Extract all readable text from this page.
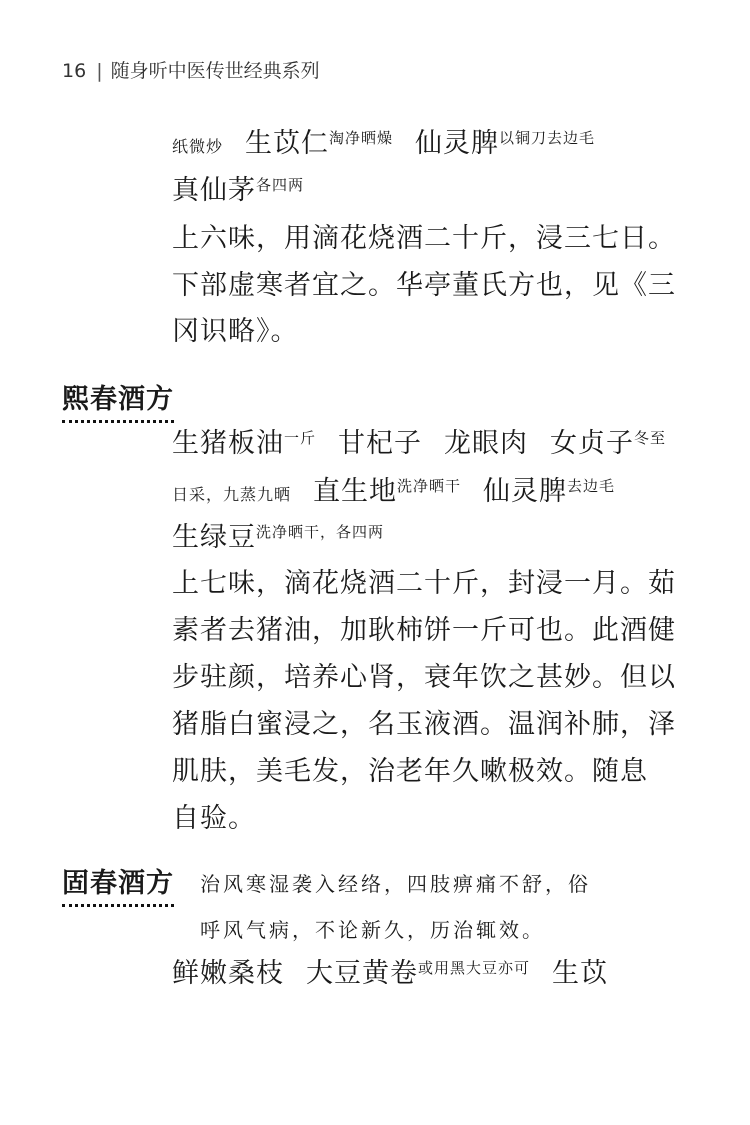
16 | 随身听中医传世经典系列
纸微炒 生苡仁$^{淘净晒燥}$ 仙灵脾$^{以铜刀去边毛}$
真仙茅$^{各四两}$
上六味，用滴花烧酒二十斤，浸三七日。
下部虚寒者宜之。华亭董氏方也，见《三
冈识略》。
熙春酒方
生猪板油$^{一斤}$ 甘杞子 龙眼肉 女贞子$^{冬至}$
日采，九蒸九晒 直生地$^{洗净晒干}$ 仙灵脾$^{去边毛}$
生绿豆$^{洗净晒干,各四两}$
上七味，滴花烧酒二十斤，封浸一月。茹
素者去猪油，加耿柿饼一斤可也。此酒健
步驻颜，培养心肾，衰年饮之甚妙。但以
猪脂白蜜浸之，名玉液酒。温润补肺，泽
肌肤，美毛发，治老年久嗽极效。随息
自验。
固春酒方 治风寒湿袭入经络，四肢痹痛不舒，俗
呼风气病，不论新久，历治辄效。
鲜嫩桑枝 大豆黄卷$^{或用黑大豆亦可}$ 生苡
